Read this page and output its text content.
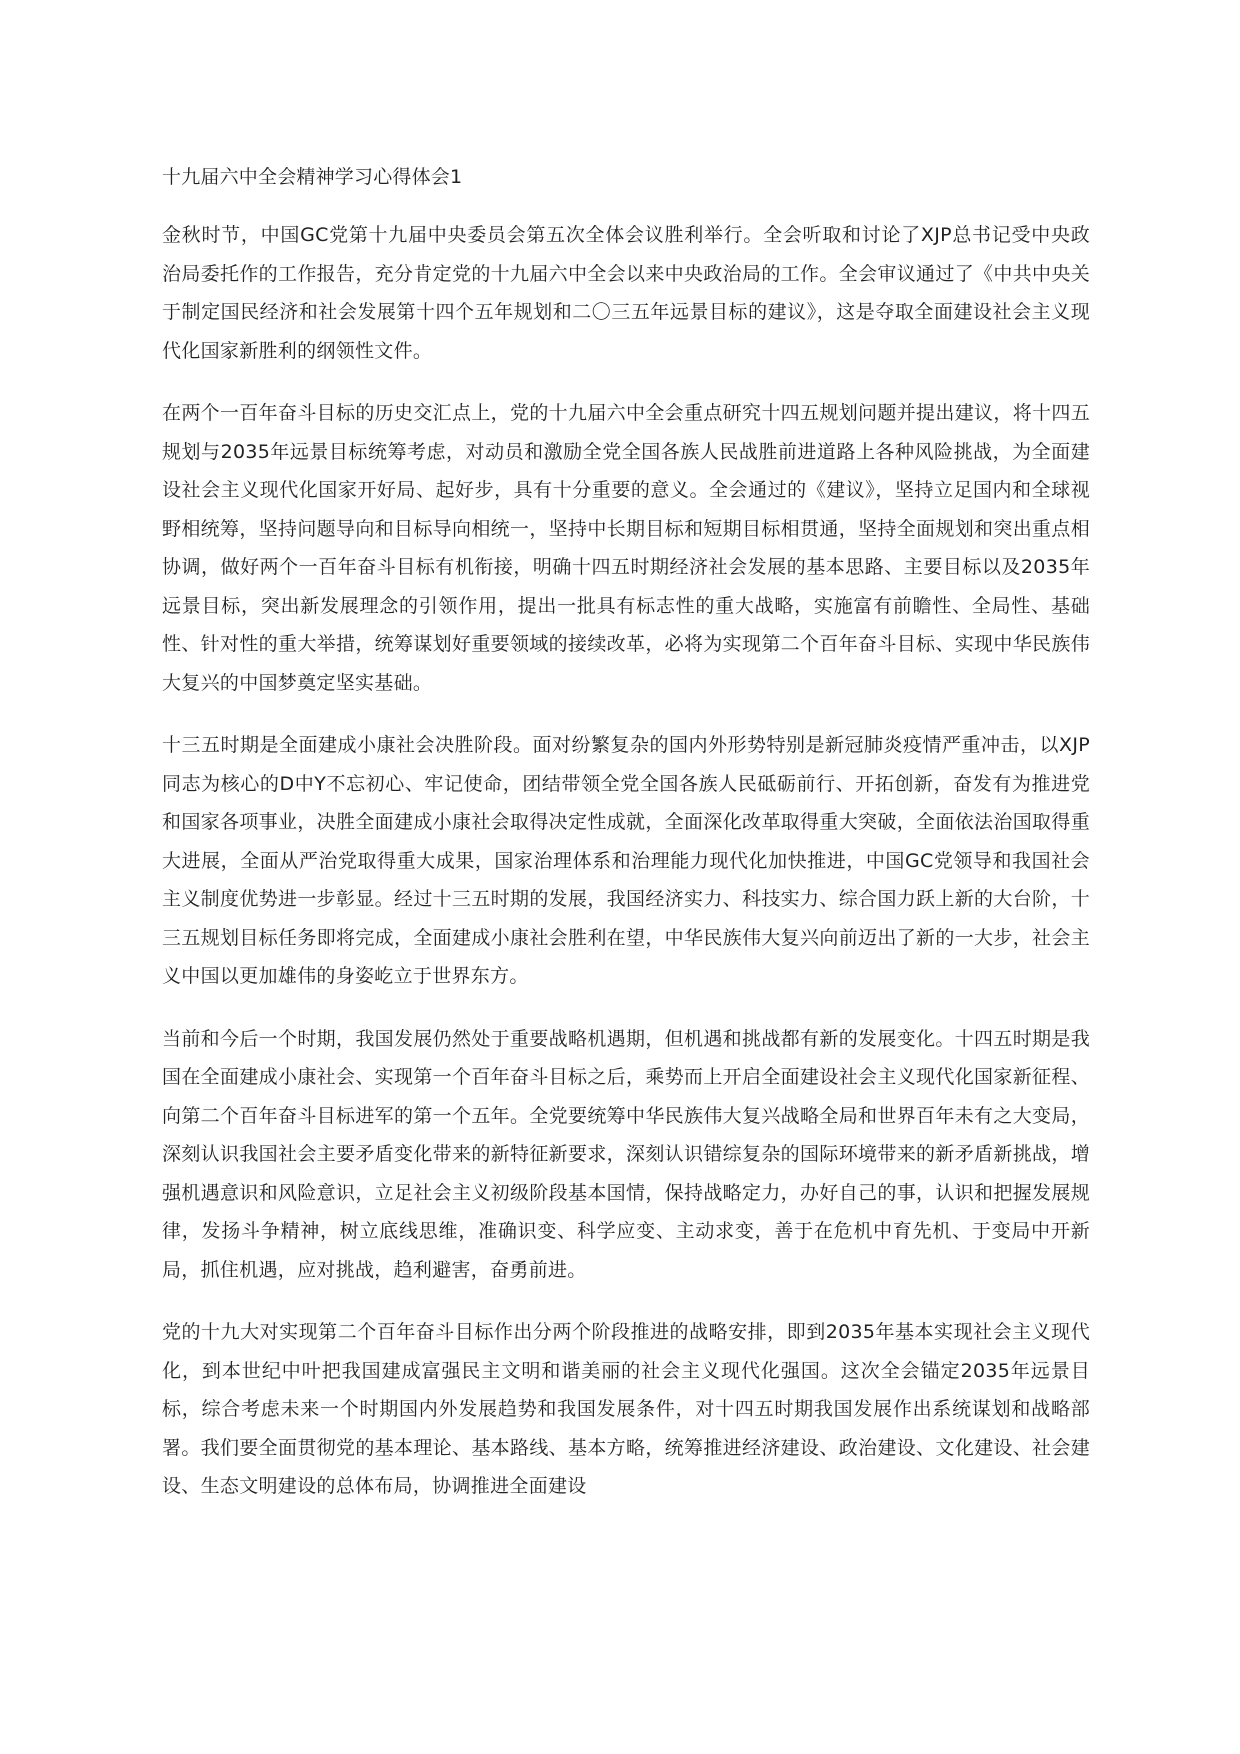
十九届六中全会精神学习心得体会1

金秋时节，中国GC党第十九届中央委员会第五次全体会议胜利举行。全会听取和讨论了XJP总书记受中央政治局委托作的工作报告，充分肯定党的十九届六中全会以来中央政治局的工作。全会审议通过了《中共中央关于制定国民经济和社会发展第十四个五年规划和二〇三五年远景目标的建议》，这是夺取全面建设社会主义现代化国家新胜利的纲领性文件。

在两个一百年奋斗目标的历史交汇点上，党的十九届六中全会重点研究十四五规划问题并提出建议，将十四五规划与2035年远景目标统筹考虑，对动员和激励全党全国各族人民战胜前进道路上各种风险挑战，为全面建设社会主义现代化国家开好局、起好步，具有十分重要的意义。全会通过的《建议》，坚持立足国内和全球视野相统筹，坚持问题导向和目标导向相统一，坚持中长期目标和短期目标相贯通，坚持全面规划和突出重点相协调，做好两个一百年奋斗目标有机衔接，明确十四五时期经济社会发展的基本思路、主要目标以及2035年远景目标，突出新发展理念的引领作用，提出一批具有标志性的重大战略，实施富有前瞻性、全局性、基础性、针对性的重大举措，统筹谋划好重要领域的接续改革，必将为实现第二个百年奋斗目标、实现中华民族伟大复兴的中国梦奠定坚实基础。

十三五时期是全面建成小康社会决胜阶段。面对纷繁复杂的国内外形势特别是新冠肺炎疫情严重冲击，以XJP同志为核心的D中Y不忘初心、牢记使命，团结带领全党全国各族人民砥砺前行、开拓创新，奋发有为推进党和国家各项事业，决胜全面建成小康社会取得决定性成就，全面深化改革取得重大突破，全面依法治国取得重大进展，全面从严治党取得重大成果，国家治理体系和治理能力现代化加快推进，中国GC党领导和我国社会主义制度优势进一步彰显。经过十三五时期的发展，我国经济实力、科技实力、综合国力跃上新的大台阶，十三五规划目标任务即将完成，全面建成小康社会胜利在望，中华民族伟大复兴向前迈出了新的一大步，社会主义中国以更加雄伟的身姿屹立于世界东方。

当前和今后一个时期，我国发展仍然处于重要战略机遇期，但机遇和挑战都有新的发展变化。十四五时期是我国在全面建成小康社会、实现第一个百年奋斗目标之后，乘势而上开启全面建设社会主义现代化国家新征程、向第二个百年奋斗目标进军的第一个五年。全党要统筹中华民族伟大复兴战略全局和世界百年未有之大变局，深刻认识我国社会主要矛盾变化带来的新特征新要求，深刻认识错综复杂的国际环境带来的新矛盾新挑战，增强机遇意识和风险意识，立足社会主义初级阶段基本国情，保持战略定力，办好自己的事，认识和把握发展规律，发扬斗争精神，树立底线思维，准确识变、科学应变、主动求变，善于在危机中育先机、于变局中开新局，抓住机遇，应对挑战，趋利避害，奋勇前进。

党的十九大对实现第二个百年奋斗目标作出分两个阶段推进的战略安排，即到2035年基本实现社会主义现代化，到本世纪中叶把我国建成富强民主文明和谐美丽的社会主义现代化强国。这次全会锚定2035年远景目标，综合考虑未来一个时期国内外发展趋势和我国发展条件，对十四五时期我国发展作出系统谋划和战略部署。我们要全面贯彻党的基本理论、基本路线、基本方略，统筹推进经济建设、政治建设、文化建设、社会建设、生态文明建设的总体布局，协调推进全面建设
